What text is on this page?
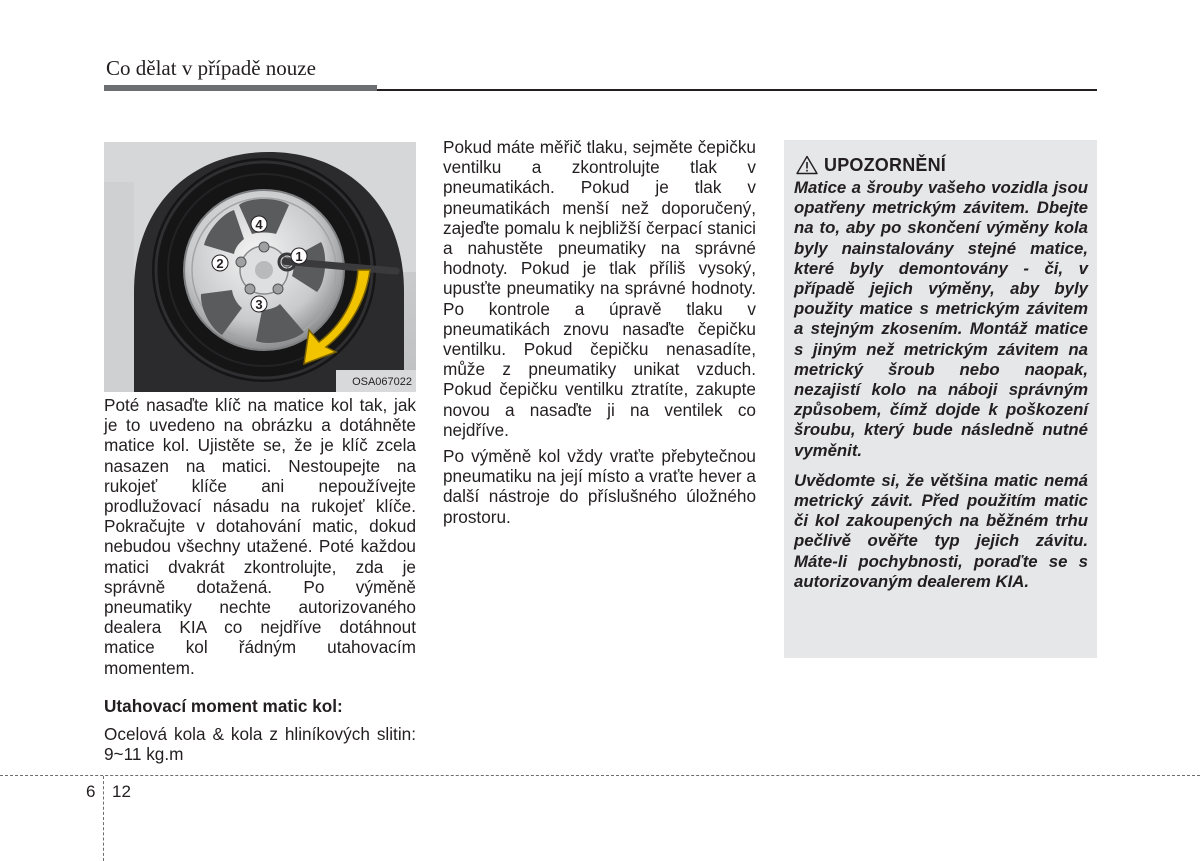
Co dělat v případě nouze
4
1
2
3
OSA067022

Poté nasaďte klíč na matice kol tak, jak je to uvedeno na obrázku a dotáhněte matice kol. Ujistěte se, že je klíč zcela nasazen na matici. Nestoupejte na rukojeť klíče ani nepoužívejte prodlužovací násadu na rukojeť klíče. Pokračujte v dotahování matic, dokud nebudou všechny utažené. Poté každou matici dvakrát zkontrolujte, zda je správně dotažená. Po výměně pneumatiky nechte autorizovaného dealera KIA co nejdříve dotáhnout matice kol řádným utahovacím momentem.

Utahovací moment matic kol:

Ocelová kola & kola z hliníkových slitin: 9~11 kg.m

Pokud máte měřič tlaku, sejměte čepičku ventilku a zkontrolujte tlak v pneumatikách. Pokud je tlak v pneumatikách menší než doporučený, zajeďte pomalu k nejbližší čerpací stanici a nahustěte pneumatiky na správné hodnoty. Pokud je tlak příliš vysoký, upusťte pneumatiky na správné hodnoty. Po kontrole a úpravě tlaku v pneumatikách znovu nasaďte čepičku ventilku. Pokud čepičku nenasadíte, může z pneumatiky unikat vzduch. Pokud čepičku ventilku ztratíte, zakupte novou a nasaďte ji na ventilek co nejdříve.

Po výměně kol vždy vraťte přebytečnou pneumatiku na její místo a vraťte hever a další nástroje do příslušného úložného prostoru.

UPOZORNĚNÍ

Matice a šrouby vašeho vozidla jsou opatřeny metrickým závitem. Dbejte na to, aby po skončení výměny kola byly nainstalovány stejné matice, které byly demontovány - či, v případě jejich výměny, aby byly použity matice s metrickým závitem a stejným zkosením. Montáž matice s jiným než metrickým závitem na metrický šroub nebo naopak, nezajistí kolo na náboji správným způsobem, čímž dojde k poškození šroubu, který bude následně nutné vyměnit.

Uvědomte si, že většina matic nemá metrický závit. Před použitím matic či kol zakoupených na běžném trhu pečlivě ověřte typ jejich závitu. Máte-li pochybnosti, poraďte se s autorizovaným dealerem KIA.

6 12
